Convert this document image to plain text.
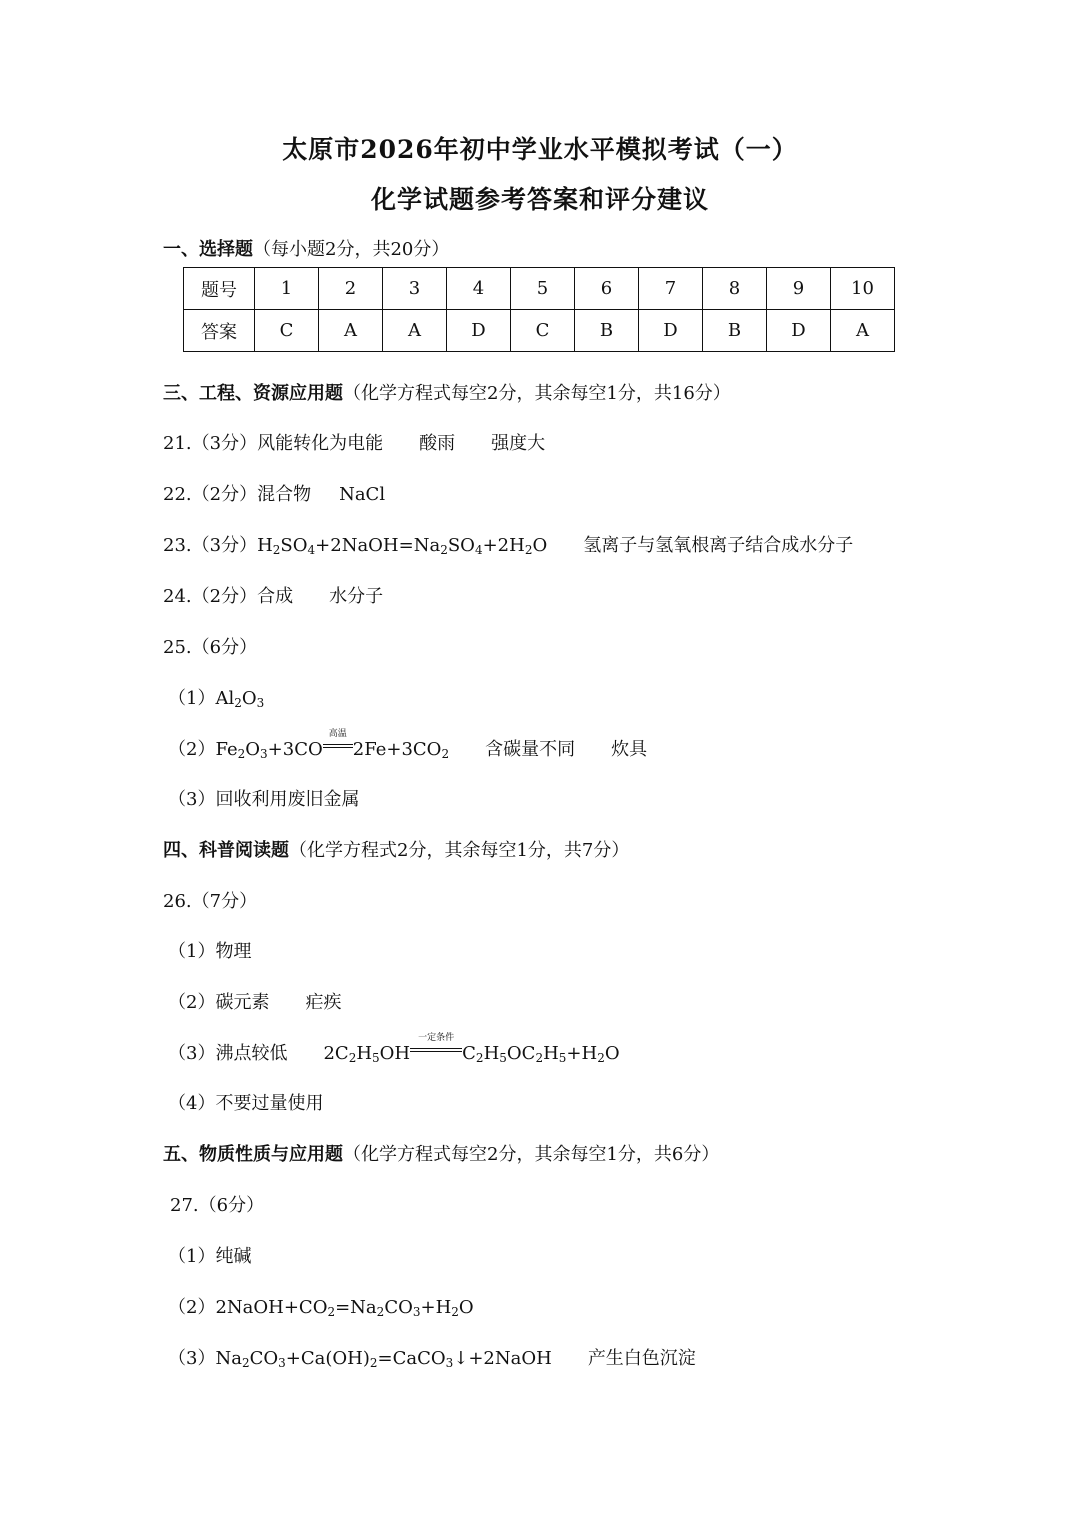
太原市2026年初中学业水平模拟考试（一）
化学试题参考答案和评分建议
一、选择题（每小题2分，共20分）
题号	1	2	3	4	5	6	7	8	9	10
答案	C	A	A	D	C	B	D	B	D	A
三、工程、资源应用题（化学方程式每空2分，其余每空1分，共16分）
21.（3分）风能转化为电能 酸雨 强度大
22.（2分）混合物 NaCl
23.（3分）$H_2SO_4+2NaOH=Na_2SO_4+2H_2O$ 氢离子与氢氧根离子结合成水分子
24.（2分）合成 水分子
25.（6分）
$(1)Al_2O_3$
$(2)Fe_2O_3+3CO$
高温
$2Fe+3CO_2$ 含碳量不同 炊具
（3）回收利用废旧金属
四、科普阅读题（化学方程式2分，其余每空1分，共7分）
26.（7分）
（1）物理
（2）碳元素 疟疾
（3）沸点较低 $2C_2H_5OH$
一定条件
$C_2H_5OC_2H_5+H_2O$
（4）不要过量使用
五、物质性质与应用题（化学方程式每空2分，其余每空1分，共6分）
27.（6分）
（1）纯碱
$(2)2NaOH+CO_2=Na_2CO_3+H_2O$
$(3)Na_2CO_3+Ca(OH)_2=CaCO_3↓+2NaOH$ 产生白色沉淀
